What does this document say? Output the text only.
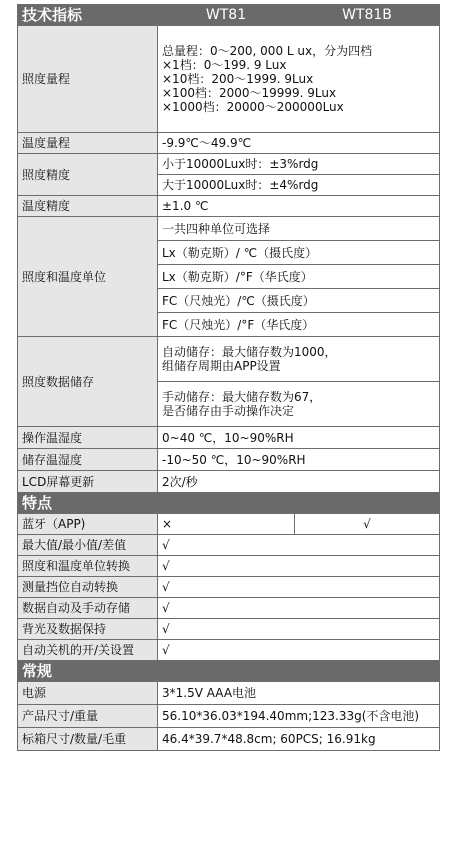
技术指标	WT81	WT81B
照度量程	总量程：0～200, 000 L ux，分为四档
×1档：0～199. 9 Lux
×10档：200～1999. 9Lux
×100档：2000～19999. 9Lux
×1000档：20000～200000Lux	

温度量程	-9.9℃～49.9℃	
照度精度	小于10000Lux时：±3%rdg	
	大于10000Lux时：±4%rdg	
温度精度	±1.0 ℃	
照度和温度单位	一共四种单位可选择	
	Lx（勒克斯）/ ℃（摄氏度）	
	Lx（勒克斯）/°F（华氏度）	
	FC（尺烛光）/℃（摄氏度）	
	FC（尺烛光）/°F（华氏度）	
照度数据储存	自动储存：最大储存数为1000，
组储存周期由APP设置	

	手动储存：最大储存数为67，
是否储存由手动操作决定	

操作温湿度	0~40 ℃，10~90%RH	
储存温湿度	-10~50 ℃，10~90%RH	
LCD屏幕更新	2次/秒	
特点		
蓝牙（APP)	×	√
最大值/最小值/差值	√	
照度和温度单位转换	√	
测量挡位自动转换	√	
数据自动及手动存储	√	
背光及数据保持	√	
自动关机的开/关设置	√	
常规		
电源	3*1.5V AAA电池	
产品尺寸/重量	56.10*36.03*194.40mm;123.33g(不含电池)	
标箱尺寸/数量/毛重	46.4*39.7*48.8cm; 60PCS; 16.91kg	
